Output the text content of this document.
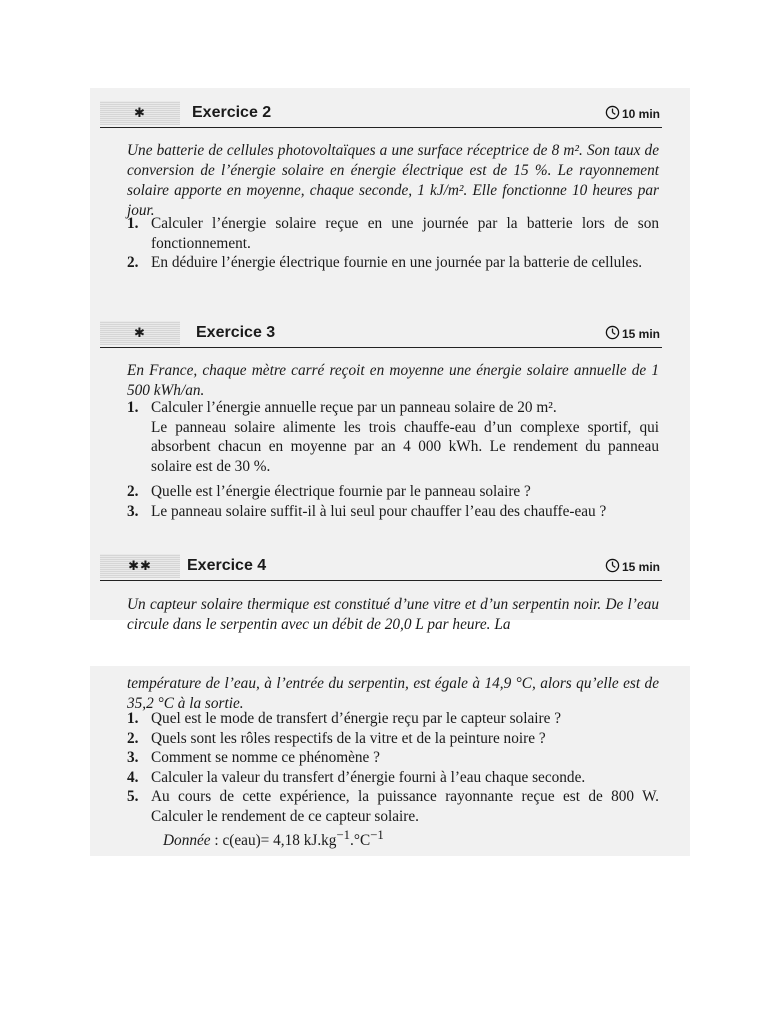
✱	Exercice 2	10 min
Une batterie de cellules photovoltaïques a une surface réceptrice de 8 m². Son taux de conversion de l’énergie solaire en énergie électrique est de 15 %. Le rayonnement solaire apporte en moyenne, chaque seconde, 1 kJ/m². Elle fonctionne 10 heures par jour.
1. Calculer l’énergie solaire reçue en une journée par la batterie lors de son fonctionnement.
2. En déduire l’énergie électrique fournie en une journée par la batterie de cellules.
✱	Exercice 3	15 min
En France, chaque mètre carré reçoit en moyenne une énergie solaire annuelle de 1 500 kWh/an.
1. Calculer l’énergie annuelle reçue par un panneau solaire de 20 m².
Le panneau solaire alimente les trois chauffe-eau d’un complexe sportif, qui absorbent chacun en moyenne par an 4 000 kWh. Le rendement du panneau solaire est de 30 %.
2. Quelle est l’énergie électrique fournie par le panneau solaire ?
3. Le panneau solaire suffit-il à lui seul pour chauffer l’eau des chauffe-eau ?
✱✱	Exercice 4	15 min
Un capteur solaire thermique est constitué d’une vitre et d’un serpentin noir. De l’eau circule dans le serpentin avec un débit de 20,0 L par heure. La
température de l’eau, à l’entrée du serpentin, est égale à 14,9 °C, alors qu’elle est de 35,2 °C à la sortie.
1. Quel est le mode de transfert d’énergie reçu par le capteur solaire ?
2. Quels sont les rôles respectifs de la vitre et de la peinture noire ?
3. Comment se nomme ce phénomène ?
4. Calculer la valeur du transfert d’énergie fourni à l’eau chaque seconde.
5. Au cours de cette expérience, la puissance rayonnante reçue est de 800 W. Calculer le rendement de ce capteur solaire.
Donnée : c(eau)= 4,18 $kJ.kg^{-1}.^\circ C^{-1}$
